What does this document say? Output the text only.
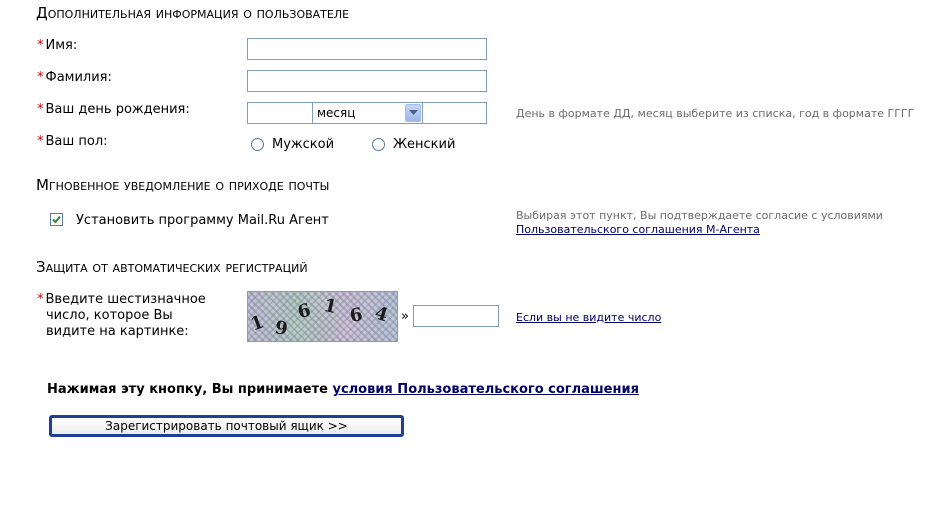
Дополнительная информация о пользователе
* Имя:
* Фамилия:
* Ваш день рождения:	месяц	День в формате ДД, месяц выберите из списка, год в формате ГГГГ
* Ваш пол:	Мужской	Женский
Мгновенное уведомление о приходе почты
Установить программу Mail.Ru Агент	Выбирая этот пункт, Вы подтверждаете согласие с условиями
Пользовательского соглашения М-Агента
Защита от автоматических регистраций
* Введите шестизначное
число, которое Вы
видите на картинке:	1 9
6 1 6 4 »	Если вы не видите число
Нажимая эту кнопку, Вы принимаете условия Пользовательского соглашения
Зарегистрировать почтовый ящик >>
